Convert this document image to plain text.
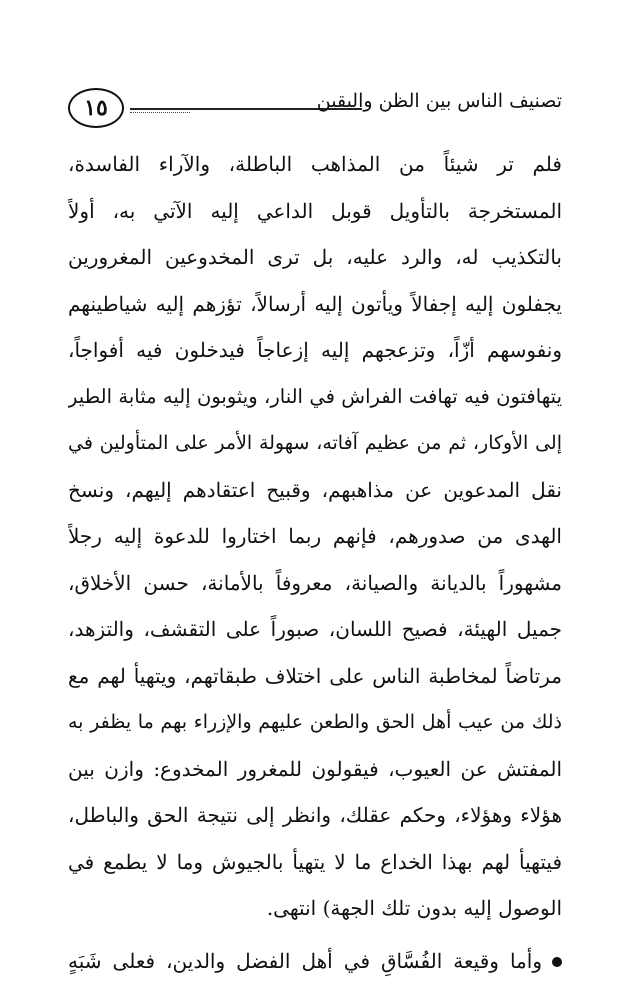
١٥	تصنيف الناس بين الظن واليقين
فلم تر شيئاً من المذاهب الباطلة، والآراء الفاسدة،
المستخرجة بالتأويل قوبل الداعي إليه الآتي به، أولاً
بالتكذيب له، والرد عليه، بل ترى المخدوعين المغرورين
يجفلون إليه إجفالاً ويأتون إليه أرسالاً، تؤزهم إليه شياطينهم
ونفوسهم أزّاً، وتزعجهم إليه إزعاجاً فيدخلون فيه أفواجاً،
يتهافتون فيه تهافت الفراش في النار، ويثوبون إليه مثابة الطير
إلى الأوكار، ثم من عظيم آفاته، سهولة الأمر على المتأولين في
نقل المدعوين عن مذاهبهم، وقبيح اعتقادهم إليهم، ونسخ
الهدى من صدورهم، فإنهم ربما اختاروا للدعوة إليه رجلاً
مشهوراً بالديانة والصيانة، معروفاً بالأمانة، حسن الأخلاق،
جميل الهيئة، فصيح اللسان، صبوراً على التقشف، والتزهد،
مرتاضاً لمخاطبة الناس على اختلاف طبقاتهم، ويتهيأ لهم مع
ذلك من عيب أهل الحق والطعن عليهم والإزراء بهم ما يظفر به
المفتش عن العيوب، فيقولون للمغرور المخدوع: وازن بين
هؤلاء وهؤلاء، وحكم عقلك، وانظر إلى نتيجة الحق والباطل،
فيتهيأ لهم بهذا الخداع ما لا يتهيأ بالجيوش وما لا يطمع في
الوصول إليه بدون تلك الجهة) انتهى.
وأما وقيعة الفُسَّاقِ في أهل الفضل والدين، فعلى شَبَهٍ
